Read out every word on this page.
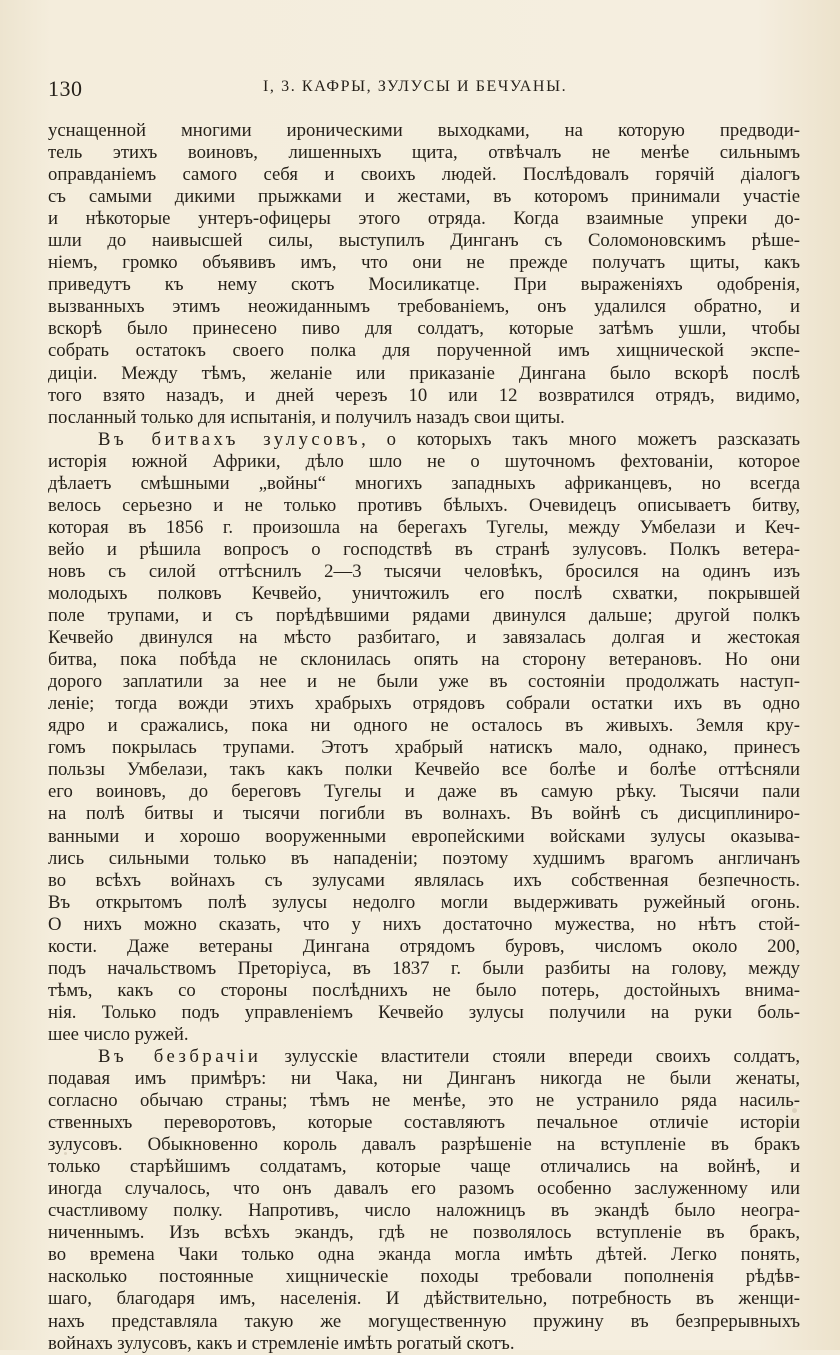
130	I, 3. КАФРЫ, ЗУЛУСЫ И БЕЧУАНЫ.
уснащенной многими ироническими выходками, на которую предводи-
тель этихъ воиновъ, лишенныхъ щита, отвѣчалъ не менѣе сильнымъ
оправданіемъ самого себя и своихъ людей. Послѣдовалъ горячій діалогъ
съ самыми дикими прыжками и жестами, въ которомъ принимали участіе
и нѣкоторые унтеръ-офицеры этого отряда. Когда взаимные упреки до-
шли до наивысшей силы, выступилъ Динганъ съ Соломоновскимъ рѣше-
ніемъ, громко объявивъ имъ, что они не прежде получатъ щиты, какъ
приведутъ къ нему скотъ Мосиликатце. При выраженіяхъ одобренія,
вызванныхъ этимъ неожиданнымъ требованіемъ, онъ удалился обратно, и
вскорѣ было принесено пиво для солдатъ, которые затѣмъ ушли, чтобы
собрать остатокъ своего полка для порученной имъ хищнической экспе-
диціи. Между тѣмъ, желаніе или приказаніе Дингана было вскорѣ послѣ
того взято назадъ, и дней черезъ 10 или 12 возвратился отрядъ, видимо,
посланный только для испытанія, и получилъ назадъ свои щиты.
Въ битвахъ зулусовъ, о которыхъ такъ много можетъ разсказать
исторія южной Африки, дѣло шло не о шуточномъ фехтованіи, которое
дѣлаетъ смѣшными „войны“ многихъ западныхъ африканцевъ, но всегда
велось серьезно и не только противъ бѣлыхъ. Очевидецъ описываетъ битву,
которая въ 1856 г. произошла на берегахъ Тугелы, между Умбелази и Кеч-
вейо и рѣшила вопросъ о господствѣ въ странѣ зулусовъ. Полкъ ветера-
новъ съ силой оттѣснилъ 2—3 тысячи человѣкъ, бросился на одинъ изъ
молодыхъ полковъ Кечвейо, уничтожилъ его послѣ схватки, покрывшей
поле трупами, и съ порѣдѣвшими рядами двинулся дальше; другой полкъ
Кечвейо двинулся на мѣсто разбитаго, и завязалась долгая и жестокая
битва, пока побѣда не склонилась опять на сторону ветерановъ. Но они
дорого заплатили за нее и не были уже въ состояніи продолжать наступ-
леніе; тогда вожди этихъ храбрыхъ отрядовъ собрали остатки ихъ въ одно
ядро и сражались, пока ни одного не осталось въ живыхъ. Земля кру-
гомъ покрылась трупами. Этотъ храбрый натискъ мало, однако, принесъ
пользы Умбелази, такъ какъ полки Кечвейо все болѣе и болѣе оттѣсняли
его воиновъ, до береговъ Тугелы и даже въ самую рѣку. Тысячи пали
на полѣ битвы и тысячи погибли въ волнахъ. Въ войнѣ съ дисциплиниро-
ванными и хорошо вооруженными европейскими войсками зулусы оказыва-
лись сильными только въ нападеніи; поэтому худшимъ врагомъ англичанъ
во всѣхъ войнахъ съ зулусами являлась ихъ собственная безпечность.
Въ открытомъ полѣ зулусы недолго могли выдерживать ружейный огонь.
О нихъ можно сказать, что у нихъ достаточно мужества, но нѣтъ стой-
кости. Даже ветераны Дингана отрядомъ буровъ, числомъ около 200,
подъ начальствомъ Преторіуса, въ 1837 г. были разбиты на голову, между
тѣмъ, какъ со стороны послѣднихъ не было потерь, достойныхъ внима-
нія. Только подъ управленіемъ Кечвейо зулусы получили на руки боль-
шее число ружей.
Въ безбрачіи зулусскіе властители стояли впереди своихъ солдатъ,
подавая имъ примѣръ: ни Чака, ни Динганъ никогда не были женаты,
согласно обычаю страны; тѣмъ не менѣе, это не устранило ряда насиль-
ственныхъ переворотовъ, которые составляютъ печальное отличіе исторіи
зулусовъ. Обыкновенно король давалъ разрѣшеніе на вступленіе въ бракъ
только старѣйшимъ солдатамъ, которые чаще отличались на войнѣ, и
иногда случалось, что онъ давалъ его разомъ особенно заслуженному или
счастливому полку. Напротивъ, число наложницъ въ экандѣ было неогра-
ниченнымъ. Изъ всѣхъ экандъ, гдѣ не позволялось вступленіе въ бракъ,
во времена Чаки только одна эканда могла имѣть дѣтей. Легко понять,
насколько постоянные хищническіе походы требовали пополненія рѣдѣв-
шаго, благодаря имъ, населенія. И дѣйствительно, потребность въ женщи-
нахъ представляла такую же могущественную пружину въ безпрерывныхъ
войнахъ зулусовъ, какъ и стремленіе имѣть рогатый скотъ.
